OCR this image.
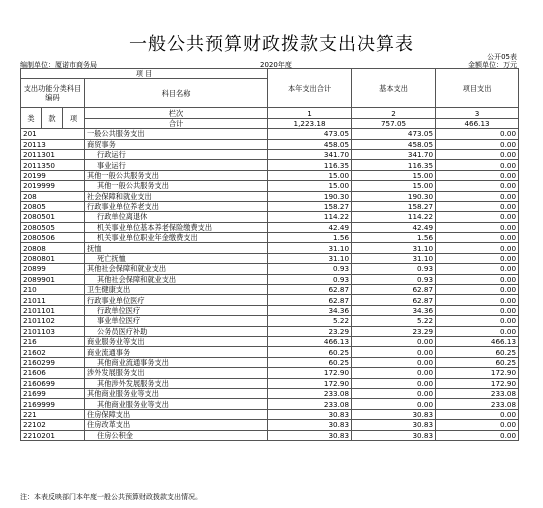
一般公共预算财政拨款支出决算表
公开05表
编制单位：厦诺市商务局	2020年度	金额单位：万元
项 目				本年支出合计	基本支出	项目支出
支出功能分类科目编码			科目名称			

类	款	项	栏次	1	2	3
			合计	1,223.18	757.05	466.13
201			一般公共服务支出	473.05	473.05	0.00
20113			商贸事务	458.05	458.05	0.00
2011301			行政运行	341.70	341.70	0.00
2011350			事业运行	116.35	116.35	0.00
20199			其他一般公共服务支出	15.00	15.00	0.00
2019999			其他一般公共服务支出	15.00	15.00	0.00
208			社会保障和就业支出	190.30	190.30	0.00
20805			行政事业单位养老支出	158.27	158.27	0.00
2080501			行政单位离退休	114.22	114.22	0.00
2080505			机关事业单位基本养老保险缴费支出	42.49	42.49	0.00
2080506			机关事业单位职业年金缴费支出	1.56	1.56	0.00
20808			抚恤	31.10	31.10	0.00
2080801			死亡抚恤	31.10	31.10	0.00
20899			其他社会保障和就业支出	0.93	0.93	0.00
2089901			其他社会保障和就业支出	0.93	0.93	0.00
210			卫生健康支出	62.87	62.87	0.00
21011			行政事业单位医疗	62.87	62.87	0.00
2101101			行政单位医疗	34.36	34.36	0.00
2101102			事业单位医疗	5.22	5.22	0.00
2101103			公务员医疗补助	23.29	23.29	0.00
216			商业服务业等支出	466.13	0.00	466.13
21602			商业流通事务	60.25	0.00	60.25
2160299			其他商业流通事务支出	60.25	0.00	60.25
21606			涉外发展服务支出	172.90	0.00	172.90
2160699			其他涉外发展服务支出	172.90	0.00	172.90
21699			其他商业服务业等支出	233.08	0.00	233.08
2169999			其他商业服务业等支出	233.08	0.00	233.08
221			住房保障支出	30.83	30.83	0.00
22102			住房改革支出	30.83	30.83	0.00
2210201			住房公积金	30.83	30.83	0.00
注：本表反映部门本年度一般公共预算财政拨款支出情况。
